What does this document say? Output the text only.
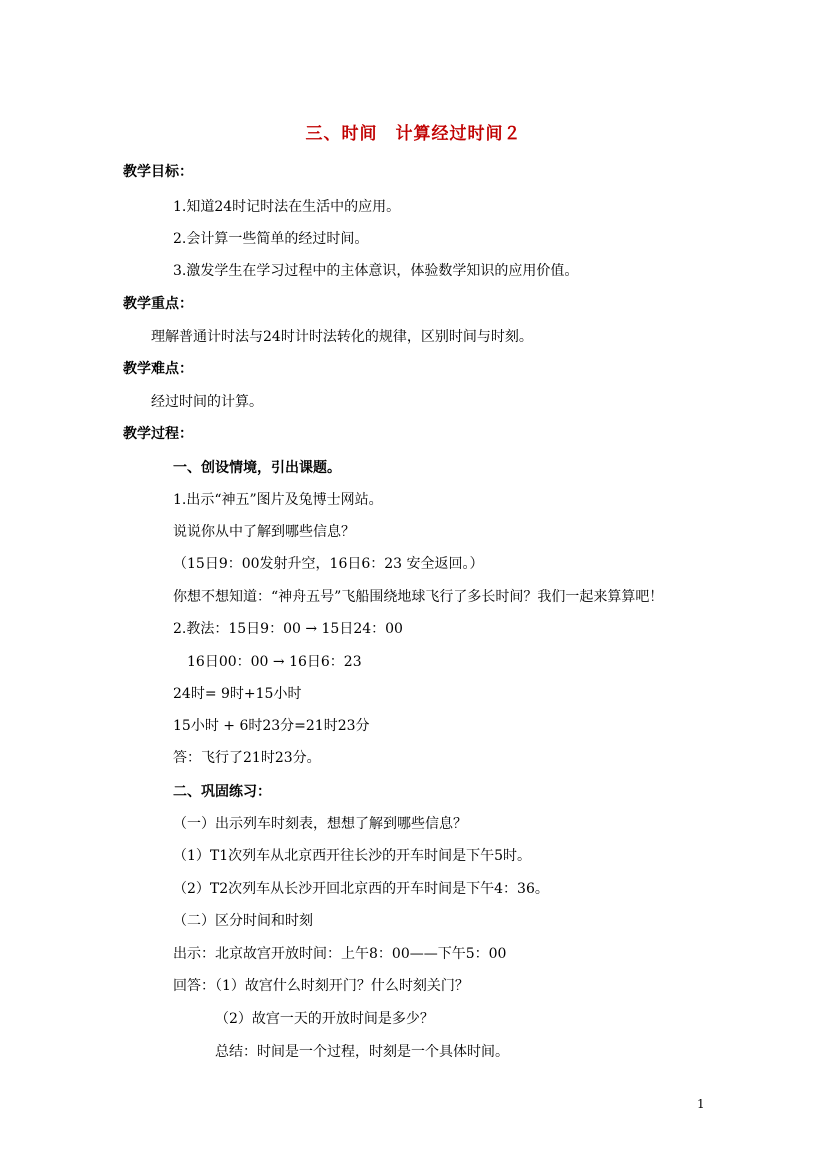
三、时间　计算经过时间２
教学目标：
1.知道24时记时法在生活中的应用。
2.会计算一些简单的经过时间。
3.激发学生在学习过程中的主体意识，体验数学知识的应用价值。
教学重点：
理解普通计时法与24时计时法转化的规律，区别时间与时刻。
教学难点：
经过时间的计算。
教学过程：
一、创设情境，引出课题。
1.出示“神五”图片及兔博士网站。
说说你从中了解到哪些信息？
（15日9：00发射升空，16日6：23 安全返回。）
你想不想知道：“神舟五号”飞船围绕地球飞行了多长时间？我们一起来算算吧！
2.教法：15日9：00 → 15日24：00
16日00：00 → 16日6：23
24时= 9时+15小时
15小时 + 6时23分=21时23分
答：飞行了21时23分。
二、巩固练习：
（一）出示列车时刻表，想想了解到哪些信息？
（1）T1次列车从北京西开往长沙的开车时间是下午5时。
（2）T2次列车从长沙开回北京西的开车时间是下午4：36。
（二）区分时间和时刻
出示：北京故宫开放时间：上午8：00——下午5：00
回答：（1）故宫什么时刻开门？什么时刻关门？
（2）故宫一天的开放时间是多少？
总结：时间是一个过程，时刻是一个具体时间。
1
